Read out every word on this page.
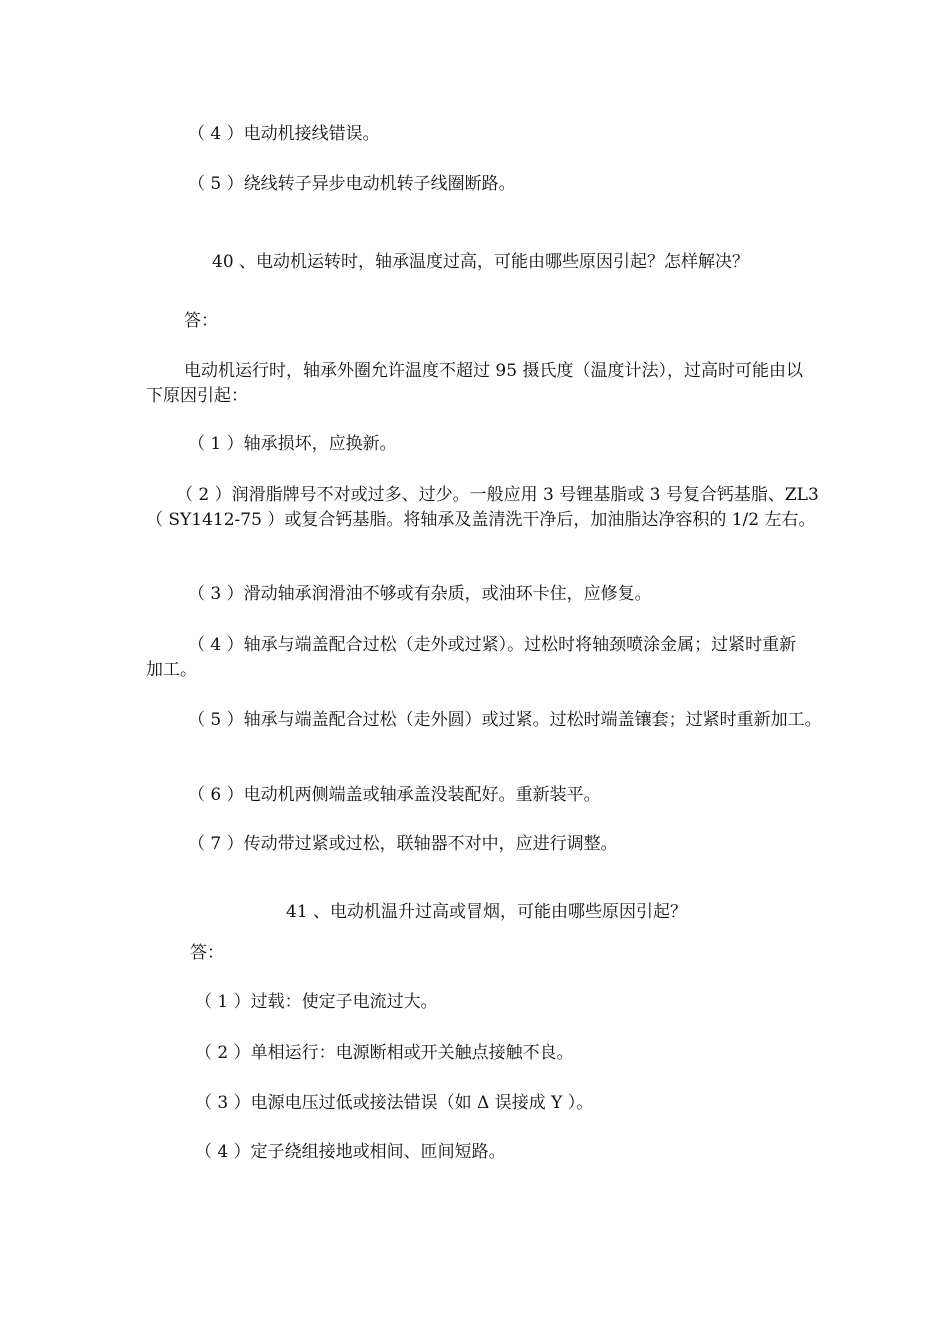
（ 4 ）电动机接线错误。
（ 5 ）绕线转子异步电动机转子线圈断路。
40 、电动机运转时，轴承温度过高，可能由哪些原因引起？怎样解决？
答：
电动机运行时，轴承外圈允许温度不超过 95 摄氏度（温度计法），过高时可能由以
下原因引起：
（ 1 ）轴承损坏，应换新。
（ 2 ）润滑脂牌号不对或过多、过少。一般应用 3 号锂基脂或 3 号复合钙基脂、ZL3
（ SY1412-75 ）或复合钙基脂。将轴承及盖清洗干净后，加油脂达净容积的 1/2 左右。
（ 3 ）滑动轴承润滑油不够或有杂质，或油环卡住，应修复。
（ 4 ）轴承与端盖配合过松（走外或过紧）。过松时将轴颈喷涂金属；过紧时重新
加工。
（ 5 ）轴承与端盖配合过松（走外圆）或过紧。过松时端盖镶套；过紧时重新加工。
（ 6 ）电动机两侧端盖或轴承盖没装配好。重新装平。
（ 7 ）传动带过紧或过松，联轴器不对中，应进行调整。
41 、电动机温升过高或冒烟，可能由哪些原因引起？
答：
（ 1 ）过载：使定子电流过大。
（ 2 ）单相运行：电源断相或开关触点接触不良。
（ 3 ）电源电压过低或接法错误（如 Δ 误接成 Y ）。
（ 4 ）定子绕组接地或相间、匝间短路。
